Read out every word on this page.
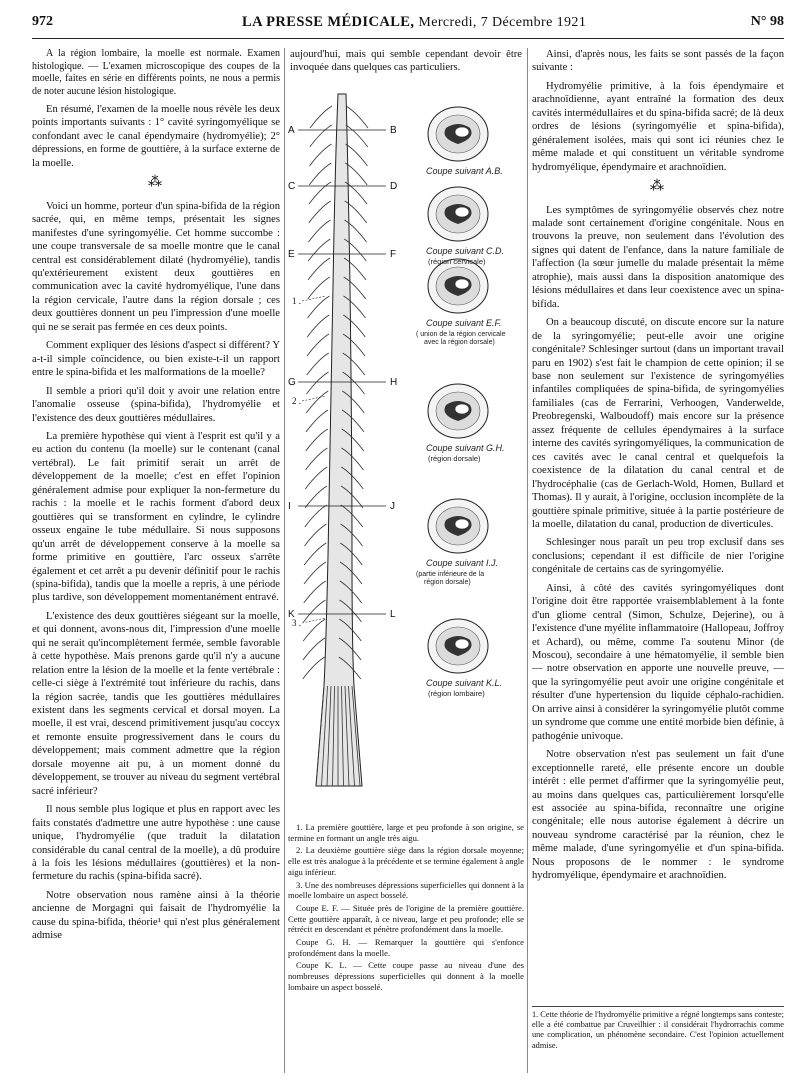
972	LA PRESSE MÉDICALE, Mercredi, 7 Décembre 1921	N° 98

A la région lombaire, la moelle est normale. Examen histologique. — L'examen microscopique des coupes de la moelle, faites en série en différents points, ne nous a permis de noter aucune lésion histologique.

En résumé, l'examen de la moelle nous révèle les deux points importants suivants : 1° cavité syringomyélique se confondant avec le canal épendymaire (hydromyélie); 2° dépressions, en forme de gouttière, à la surface externe de la moelle.

⁂

Voici un homme, porteur d'un spina-bifida de la région sacrée, qui, en même temps, présentait les signes manifestes d'une syringomyélie. Cet homme succombe : une coupe transversale de sa moelle montre que le canal central est considérablement dilaté (hydromyélie), tandis qu'extérieurement existent deux gouttières en communication avec la cavité hydromyélique, l'une dans la région cervicale, l'autre dans la région dorsale ; ces deux gouttières donnent un peu l'impression d'une moelle qui ne se serait pas fermée en ces deux points.

Comment expliquer des lésions d'aspect si différent? Y a-t-il simple coïncidence, ou bien existe-t-il un rapport entre le spina-bifida et les malformations de la moelle?

Il semble a priori qu'il doit y avoir une relation entre l'anomalie osseuse (spina-bifida), l'hydromyélie et l'existence des deux gouttières médullaires.

La première hypothèse qui vient à l'esprit est qu'il y a eu action du contenu (la moelle) sur le contenant (canal vertébral). Le fait primitif serait un arrêt de développement de la moelle; c'est en effet l'opinion généralement admise pour expliquer la non-fermeture du rachis : la moelle et le rachis forment d'abord deux gouttières qui se transforment en cylindre, le cylindre osseux engaine le tube médullaire. Si nous supposons qu'un arrêt de développement conserve à la moelle sa forme primitive en gouttière, l'arc osseux s'arrête également et cet arrêt a pu devenir définitif pour le rachis (spina-bifida), tandis que la moelle a repris, à une période plus tardive, son développement momentanément entravé.

L'existence des deux gouttières siégeant sur la moelle, et qui donnent, avons-nous dit, l'impression d'une moelle qui ne serait qu'incomplètement fermée, semble favorable à cette hypothèse. Mais prenons garde qu'il n'y a aucune relation entre la lésion de la moelle et la fente vertébrale : celle-ci siège à l'extrémité tout inférieure du rachis, dans la région sacrée, tandis que les gouttières médullaires existent dans les segments cervical et dorsal moyen. La moelle, il est vrai, descend primitivement jusqu'au coccyx et remonte ensuite progressivement dans le cours du développement; mais comment admettre que la région dorsale moyenne ait pu, à un moment donné du développement, se trouver au niveau du segment vertébral sacré inférieur?

Il nous semble plus logique et plus en rapport avec les faits constatés d'admettre une autre hypothèse : une cause unique, l'hydromyélie (que traduit la dilatation considérable du canal central de la moelle), a dû produire à la fois les lésions médullaires (gouttières) et la non-fermeture du rachis (spina-bifida sacré).

Notre observation nous ramène ainsi à la théorie ancienne de Morgagni qui faisait de l'hydromyélie la cause du spina-bifida, théorie¹ qui n'est plus généralement admise

aujourd'hui, mais qui semble cependant devoir être invoquée dans quelques cas particuliers.
A	B
C	D
E	F
G	H
I	J
K	L
1 .
2 .
3 .
Coupe suivant A.B.
Coupe suivant C.D.
(région cervicale)
Coupe suivant E.F.
( union de la région cervicale
avec la région dorsale)
Coupe suivant G.H.
(région dorsale)
Coupe suivant I.J.
(partie inférieure de la
région dorsale)
Coupe suivant K.L.
(région lombaire)

1. La première gouttière, large et peu profonde à son origine, se termine en formant un angle très aigu.

2. La deuxième gouttière siège dans la région dorsale moyenne; elle est très analogue à la précédente et se termine également à angle aigu inférieur.

3. Une des nombreuses dépressions superficielles qui donnent à la moelle lombaire un aspect bosselé.

Coupe E. F. — Située près de l'origine de la première gouttière. Cette gouttière apparaît, à ce niveau, large et peu profonde; elle se rétrécit en descendant et pénètre profondément dans la moelle.

Coupe G. H. — Remarquer la gouttière qui s'enfonce profondément dans la moelle.

Coupe K. L. — Cette coupe passe au niveau d'une des nombreuses dépressions superficielles qui donnent à la moelle lombaire un aspect bosselé.

Ainsi, d'après nous, les faits se sont passés de la façon suivante :

Hydromyélie primitive, à la fois épendymaire et arachnoïdienne, ayant entraîné la formation des deux cavités intermédullaires et du spina-bifida sacré; de là deux ordres de lésions (syringomyélie et spina-bifida), généralement isolées, mais qui sont ici réunies chez le même malade et qui constituent un véritable syndrome hydromyélique, épendymaire et arachnoïdien.

⁂

Les symptômes de syringomyélie observés chez notre malade sont certainement d'origine congénitale. Nous en trouvons la preuve, non seulement dans l'évolution des signes qui datent de l'enfance, dans la nature familiale de l'affection (la sœur jumelle du malade présentait la même atrophie), mais aussi dans la disposition anatomique des lésions médullaires et dans leur coexistence avec un spina-bifida.

On a beaucoup discuté, on discute encore sur la nature de la syringomyélie; peut-elle avoir une origine congénitale? Schlesinger surtout (dans un important travail paru en 1902) s'est fait le champion de cette opinion; il se base non seulement sur l'existence de syringomyélies infantiles compliquées de spina-bifida, de syringomyélies familiales (cas de Ferrarini, Verhoogen, Vanderwelde, Preobregenski, Walboudoff) mais encore sur la présence assez fréquente de cellules épendymaires à la surface interne des cavités syringomyéliques, la communication de ces cavités avec le canal central et quelquefois la coexistence de la dilatation du canal central et de l'hydrocéphalie (cas de Gerlach-Wold, Homen, Bullard et Thomas). Il y aurait, à l'origine, occlusion incomplète de la gouttière spinale primitive, située à la partie postérieure de la moelle, dilatation du canal, production de diverticules.

Schlesinger nous paraît un peu trop exclusif dans ses conclusions; cependant il est difficile de nier l'origine congénitale de certains cas de syringomyélie.

Ainsi, à côté des cavités syringomyéliques dont l'origine doit être rapportée vraisemblablement à la fonte d'un gliome central (Simon, Schulze, Dejerine), ou à l'existence d'une myélite inflammatoire (Hallopeau, Joffroy et Achard), ou même, comme l'a soutenu Minor (de Moscou), secondaire à une hématomyélie, il semble bien — notre observation en apporte une nouvelle preuve, — que la syringomyélie peut avoir une origine congénitale et résulter d'une hypertension du liquide céphalo-rachidien. On arrive ainsi à considérer la syringomyélie plutôt comme un syndrome que comme une entité morbide bien définie, à pathogénie univoque.

Notre observation n'est pas seulement un fait d'une exceptionnelle rareté, elle présente encore un double intérêt : elle permet d'affirmer que la syringomyélie peut, au moins dans quelques cas, particulièrement lorsqu'elle est associée au spina-bifida, reconnaître une origine congénitale; elle nous autorise également à décrire un nouveau syndrome caractérisé par la réunion, chez le même malade, d'une syringomyélie et d'un spina-bifida. Nous proposons de le nommer : le syndrome hydromyélique, épendymaire et arachnoïdien.

1. Cette théorie de l'hydromyélie primitive a régné longtemps sans conteste; elle a été combattue par Cruveilhier : il considérait l'hydrorrachis comme une complication, un phénomène secondaire. C'est l'opinion actuellement admise.
